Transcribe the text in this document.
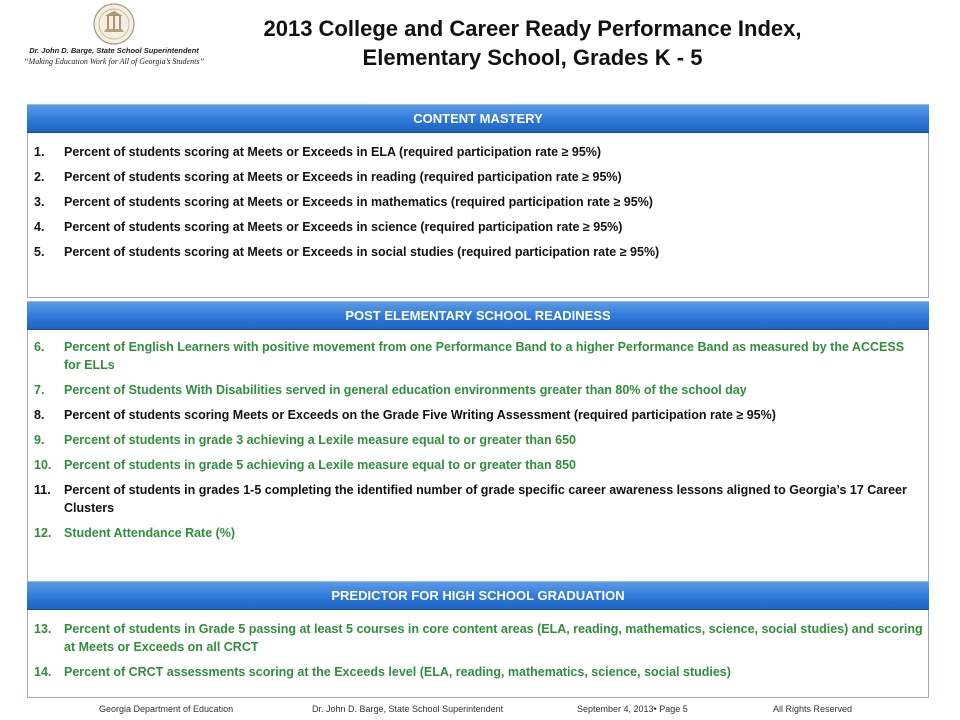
Dr. John D. Barge, State School Superintendent
“Making Education Work for All of Georgia’s Students”
2013 College and Career Ready Performance Index,
Elementary School, Grades K - 5
1.	Percent of students scoring at Meets or Exceeds in ELA (required participation rate ≥ 95%)
2.	Percent of students scoring at Meets or Exceeds in reading (required participation rate ≥ 95%)
3.	Percent of students scoring at Meets or Exceeds in mathematics (required participation rate ≥ 95%)
4.	Percent of students scoring at Meets or Exceeds in science (required participation rate ≥ 95%)
5.	Percent of students scoring at Meets or Exceeds in social studies (required participation rate ≥ 95%)
CONTENT MASTERY
6.	Percent of English Learners with positive movement from one Performance Band to a higher Performance Band as measured by the ACCESS for ELLs
7.	Percent of Students With Disabilities served in general education environments greater than 80% of the school day
8.	Percent of students scoring Meets or Exceeds on the Grade Five Writing Assessment (required participation rate ≥ 95%)
9.	Percent of students in grade 3 achieving a Lexile measure equal to or greater than 650
10.	Percent of students in grade 5 achieving a Lexile measure equal to or greater than 850
11.	Percent of students in grades 1-5 completing the identified number of grade specific career awareness lessons aligned to Georgia’s 17 Career Clusters
12.	Student Attendance Rate (%)
POST ELEMENTARY SCHOOL READINESS
13.	Percent of students in Grade 5 passing at least 5 courses in core content areas (ELA, reading, mathematics, science, social studies) and scoring at Meets or Exceeds on all CRCT
14.	Percent of CRCT assessments scoring at the Exceeds level (ELA, reading, mathematics, science, social studies)
PREDICTOR FOR HIGH SCHOOL GRADUATION
Georgia Department of Education	Dr. John D. Barge, State School Superintendent	September 4, 2013• Page 5	All Rights Reserved
